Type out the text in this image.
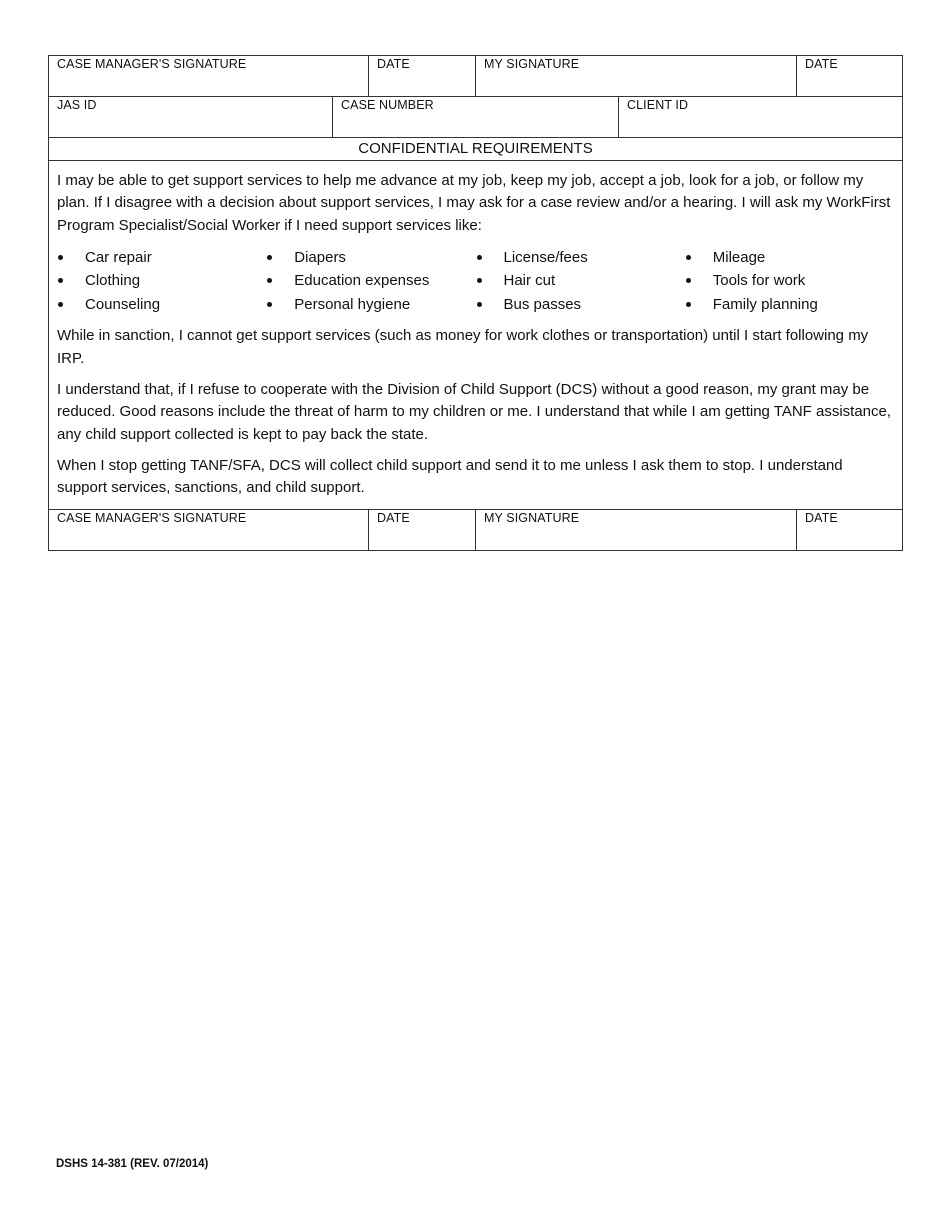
CASE MANAGER'S SIGNATURE	DATE	MY SIGNATURE	DATE
JAS ID	CASE NUMBER	CLIENT ID
CONFIDENTIAL REQUIREMENTS

I may be able to get support services to help me advance at my job, keep my job, accept a job, look for a job, or follow my plan. If I disagree with a decision about support services, I may ask for a case review and/or a hearing. I will ask my WorkFirst Program Specialist/Social Worker if I need support services like:

Car repair
Clothing
Counseling
Diapers
Education expenses
Personal hygiene
License/fees
Hair cut
Bus passes
Mileage
Tools for work
Family planning

While in sanction, I cannot get support services (such as money for work clothes or transportation) until I start following my IRP.

I understand that, if I refuse to cooperate with the Division of Child Support (DCS) without a good reason, my grant may be reduced. Good reasons include the threat of harm to my children or me. I understand that while I am getting TANF assistance, any child support collected is kept to pay back the state.

When I stop getting TANF/SFA, DCS will collect child support and send it to me unless I ask them to stop. I understand support services, sanctions, and child support.

CASE MANAGER'S SIGNATURE	DATE	MY SIGNATURE	DATE
DSHS 14-381 (REV. 07/2014)
